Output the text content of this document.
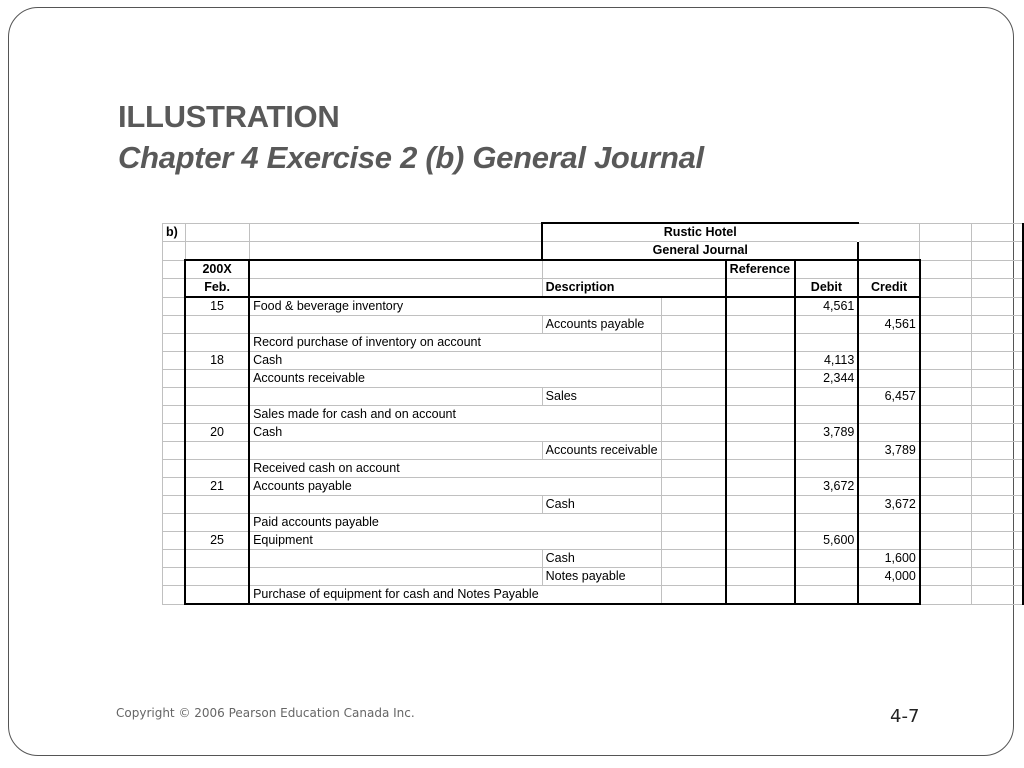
ILLUSTRATION
Chapter 4 Exercise 2 (b) General Journal
b)			Rustic Hotel						
			General Journal						
	200X				Reference				
	Feb.		Description			Debit	Credit		
	15	Food & beverage inventory				4,561			
			Accounts payable				4,561		
		Record purchase of inventory on account							
	18	Cash				4,113			
		Accounts receivable				2,344			
			Sales				6,457		
		Sales made for cash and on account							
	20	Cash				3,789			
			Accounts receivable				3,789		
		Received cash on account							
	21	Accounts payable				3,672			
			Cash				3,672		
		Paid accounts payable							
	25	Equipment				5,600			
			Cash				1,600		
			Notes payable				4,000		
		Purchase of equipment for cash and Notes Payable							
Copyright © 2006 Pearson Education Canada Inc.	4-7
